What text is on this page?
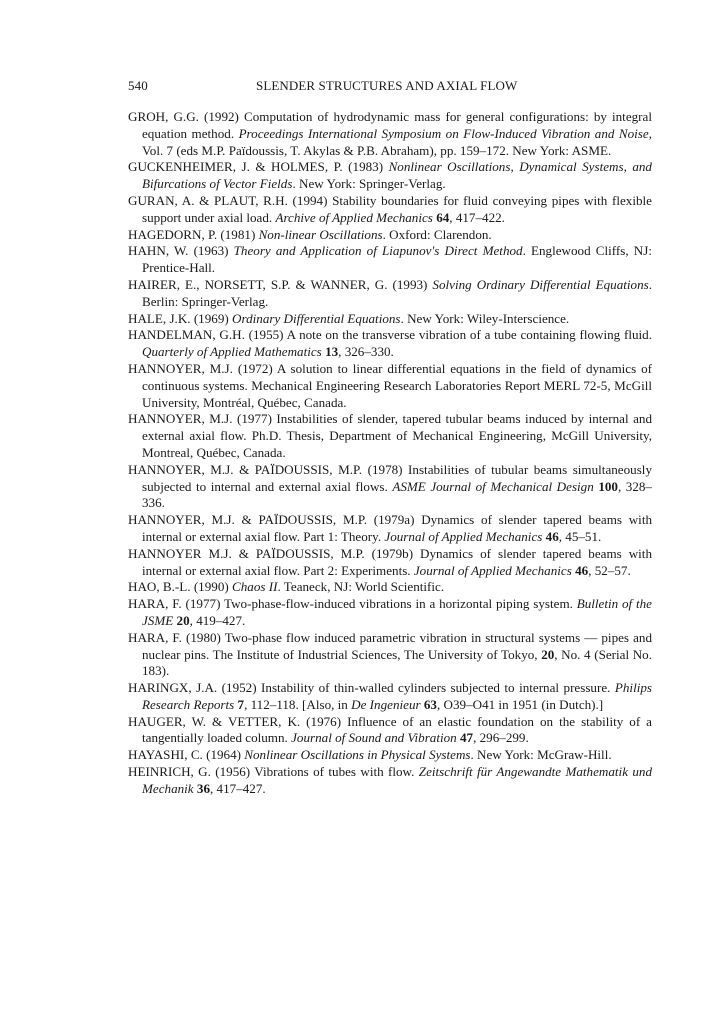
540	SLENDER STRUCTURES AND AXIAL FLOW

GROH, G.G. (1992) Computation of hydrodynamic mass for general configurations: by integral equation method. Proceedings International Symposium on Flow-Induced Vibration and Noise, Vol. 7 (eds M.P. Païdoussis, T. Akylas & P.B. Abraham), pp. 159–172. New York: ASME.

GUCKENHEIMER, J. & HOLMES, P. (1983) Nonlinear Oscillations, Dynamical Systems, and Bifurcations of Vector Fields. New York: Springer-Verlag.

GURAN, A. & PLAUT, R.H. (1994) Stability boundaries for fluid conveying pipes with flexible support under axial load. Archive of Applied Mechanics 64, 417–422.

HAGEDORN, P. (1981) Non-linear Oscillations. Oxford: Clarendon.

HAHN, W. (1963) Theory and Application of Liapunov's Direct Method. Englewood Cliffs, NJ: Prentice-Hall.

HAIRER, E., NORSETT, S.P. & WANNER, G. (1993) Solving Ordinary Differential Equations. Berlin: Springer-Verlag.

HALE, J.K. (1969) Ordinary Differential Equations. New York: Wiley-Interscience.

HANDELMAN, G.H. (1955) A note on the transverse vibration of a tube containing flowing fluid. Quarterly of Applied Mathematics 13, 326–330.

HANNOYER, M.J. (1972) A solution to linear differential equations in the field of dynamics of continuous systems. Mechanical Engineering Research Laboratories Report MERL 72-5, McGill University, Montréal, Québec, Canada.

HANNOYER, M.J. (1977) Instabilities of slender, tapered tubular beams induced by internal and external axial flow. Ph.D. Thesis, Department of Mechanical Engineering, McGill University, Montreal, Québec, Canada.

HANNOYER, M.J. & PAÏDOUSSIS, M.P. (1978) Instabilities of tubular beams simultaneously subjected to internal and external axial flows. ASME Journal of Mechanical Design 100, 328–336.

HANNOYER, M.J. & PAÏDOUSSIS, M.P. (1979a) Dynamics of slender tapered beams with internal or external axial flow. Part 1: Theory. Journal of Applied Mechanics 46, 45–51.

HANNOYER M.J. & PAÏDOUSSIS, M.P. (1979b) Dynamics of slender tapered beams with internal or external axial flow. Part 2: Experiments. Journal of Applied Mechanics 46, 52–57.

HAO, B.-L. (1990) Chaos II. Teaneck, NJ: World Scientific.

HARA, F. (1977) Two-phase-flow-induced vibrations in a horizontal piping system. Bulletin of the JSME 20, 419–427.

HARA, F. (1980) Two-phase flow induced parametric vibration in structural systems — pipes and nuclear pins. The Institute of Industrial Sciences, The University of Tokyo, 20, No. 4 (Serial No. 183).

HARINGX, J.A. (1952) Instability of thin-walled cylinders subjected to internal pressure. Philips Research Reports 7, 112–118. [Also, in De Ingenieur 63, O39–O41 in 1951 (in Dutch).]

HAUGER, W. & VETTER, K. (1976) Influence of an elastic foundation on the stability of a tangentially loaded column. Journal of Sound and Vibration 47, 296–299.

HAYASHI, C. (1964) Nonlinear Oscillations in Physical Systems. New York: McGraw-Hill.

HEINRICH, G. (1956) Vibrations of tubes with flow. Zeitschrift für Angewandte Mathematik und Mechanik 36, 417–427.
